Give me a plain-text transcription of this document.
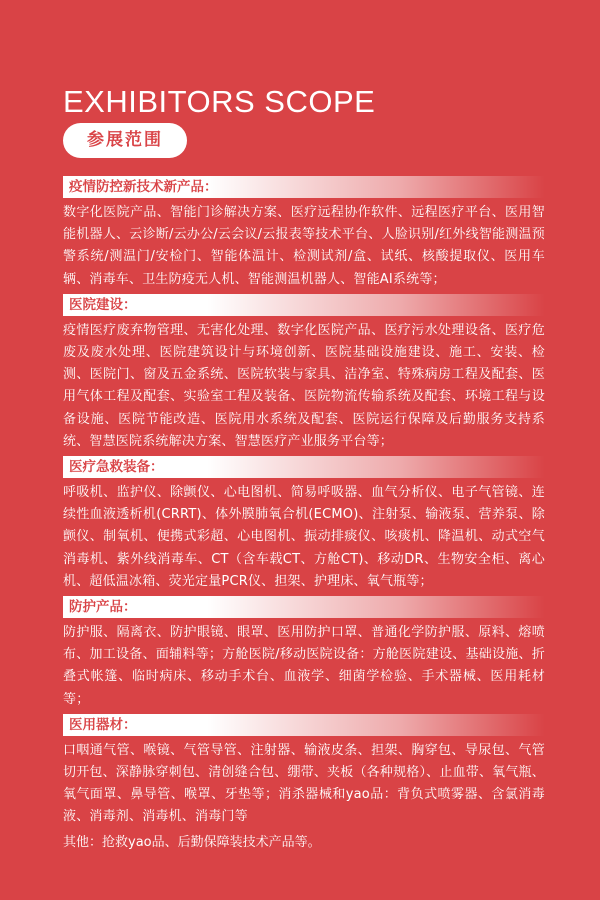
EXHIBITORS SCOPE
参展范围
疫情防控新技术新产品：
数字化医院产品、智能门诊解决方案、医疗远程协作软件、远程医疗平台、医用智能机器人、云诊断/云办公/云会议/云报表等技术平台、人脸识别/红外线智能测温预警系统/测温门/安检门、智能体温计、检测试剂/盒、试纸、核酸提取仪、医用车辆、消毒车、卫生防疫无人机、智能测温机器人、智能AI系统等；
医院建设：
疫情医疗废弃物管理、无害化处理、数字化医院产品、医疗污水处理设备、医疗危废及废水处理、医院建筑设计与环境创新、医院基础设施建设、施工、安装、检测、医院门、窗及五金系统、医院软装与家具、洁净室、特殊病房工程及配套、医用气体工程及配套、实验室工程及装备、医院物流传输系统及配套、环境工程与设备设施、医院节能改造、医院用水系统及配套、医院运行保障及后勤服务支持系统、智慧医院系统解决方案、智慧医疗产业服务平台等；
医疗急救装备：
呼吸机、监护仪、除颤仪、心电图机、简易呼吸器、血气分析仪、电子气管镜、连续性血液透析机(CRRT)、体外膜肺氧合机(ECMO)、注射泵、输液泵、营养泵、除颤仪、制氧机、便携式彩超、心电图机、振动排痰仪、咳痰机、降温机、动式空气消毒机、紫外线消毒车、CT（含车载CT、方舱CT)、移动DR、生物安全柜、离心机、超低温冰箱、荧光定量PCR仪、担架、护理床、氧气瓶等；
防护产品：
防护服、隔离衣、防护眼镜、眼罩、医用防护口罩、普通化学防护服、原料、熔喷布、加工设备、面辅料等；方舱医院/移动医院设备：方舱医院建设、基础设施、折叠式帐篷、临时病床、移动手术台、血液学、细菌学检验、手术器械、医用耗材等；
医用器材：
口咽通气管、喉镜、气管导管、注射器、输液皮条、担架、胸穿包、导尿包、气管切开包、深静脉穿刺包、清创缝合包、绷带、夹板（各种规格）、止血带、氧气瓶、氧气面罩、鼻导管、喉罩、牙垫等；消杀器械和yao品：背负式喷雾器、含氯消毒液、消毒剂、消毒机、消毒门等
其他：抢救yao品、后勤保障装技术产品等。
